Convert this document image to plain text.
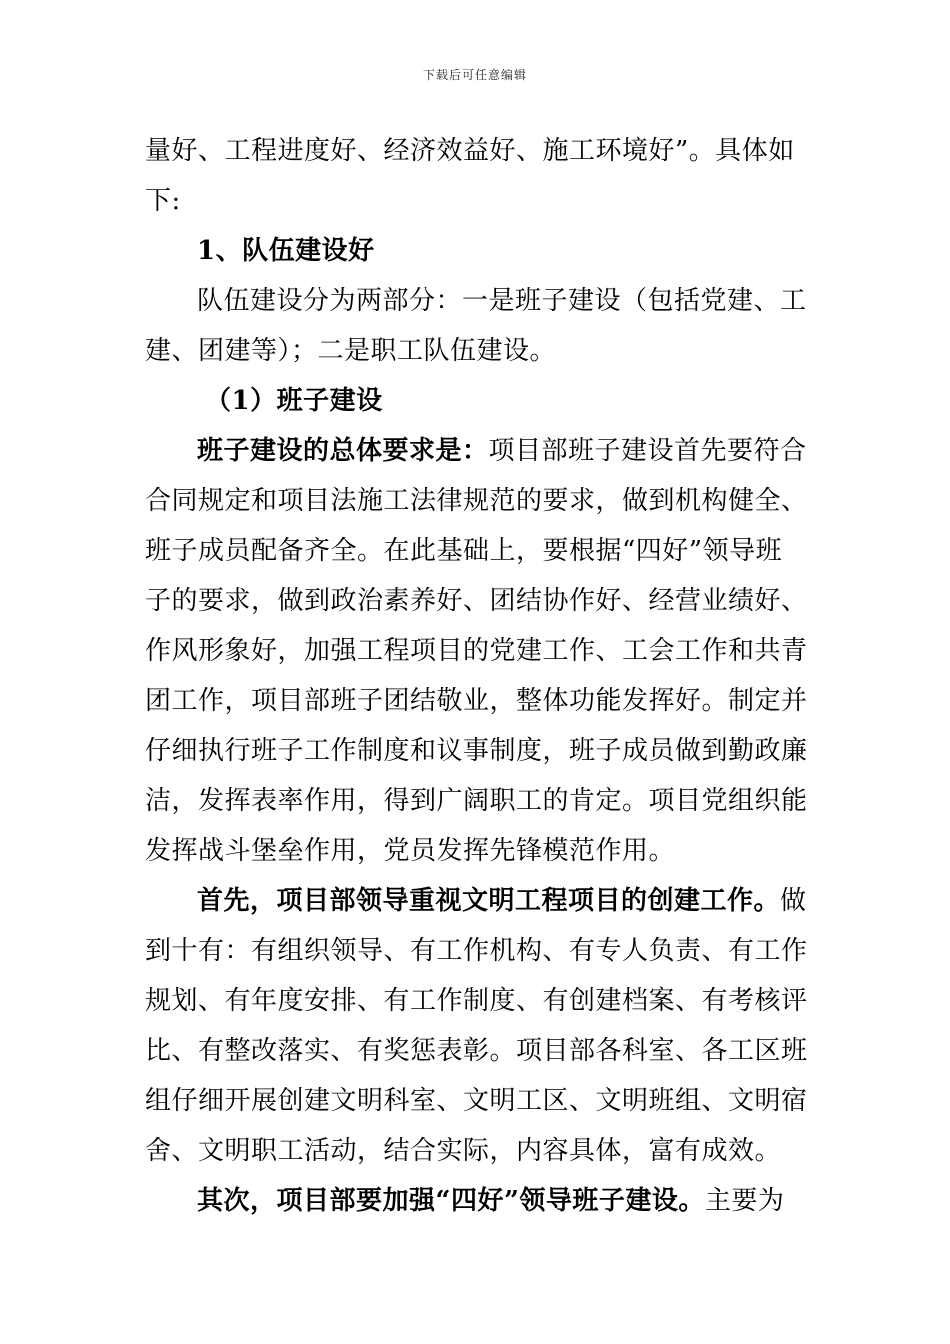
下载后可任意编辑

量好、工程进度好、经济效益好、施工环境好”。具体如

下:

1、队伍建设好

队伍建设分为两部分：一是班子建设（包括党建、工

建、团建等）；二是职工队伍建设。

（1）班子建设

班子建设的总体要求是：项目部班子建设首先要符合

合同规定和项目法施工法律规范的要求，做到机构健全、

班子成员配备齐全。在此基础上，要根据“四好”领导班

子的要求，做到政治素养好、团结协作好、经营业绩好、

作风形象好，加强工程项目的党建工作、工会工作和共青

团工作，项目部班子团结敬业，整体功能发挥好。制定并

仔细执行班子工作制度和议事制度，班子成员做到勤政廉

洁，发挥表率作用，得到广阔职工的肯定。项目党组织能

发挥战斗堡垒作用，党员发挥先锋模范作用。

首先，项目部领导重视文明工程项目的创建工作。做

到十有：有组织领导、有工作机构、有专人负责、有工作

规划、有年度安排、有工作制度、有创建档案、有考核评

比、有整改落实、有奖惩表彰。项目部各科室、各工区班

组仔细开展创建文明科室、文明工区、文明班组、文明宿

舍、文明职工活动，结合实际，内容具体，富有成效。

其次，项目部要加强“四好”领导班子建设。主要为
